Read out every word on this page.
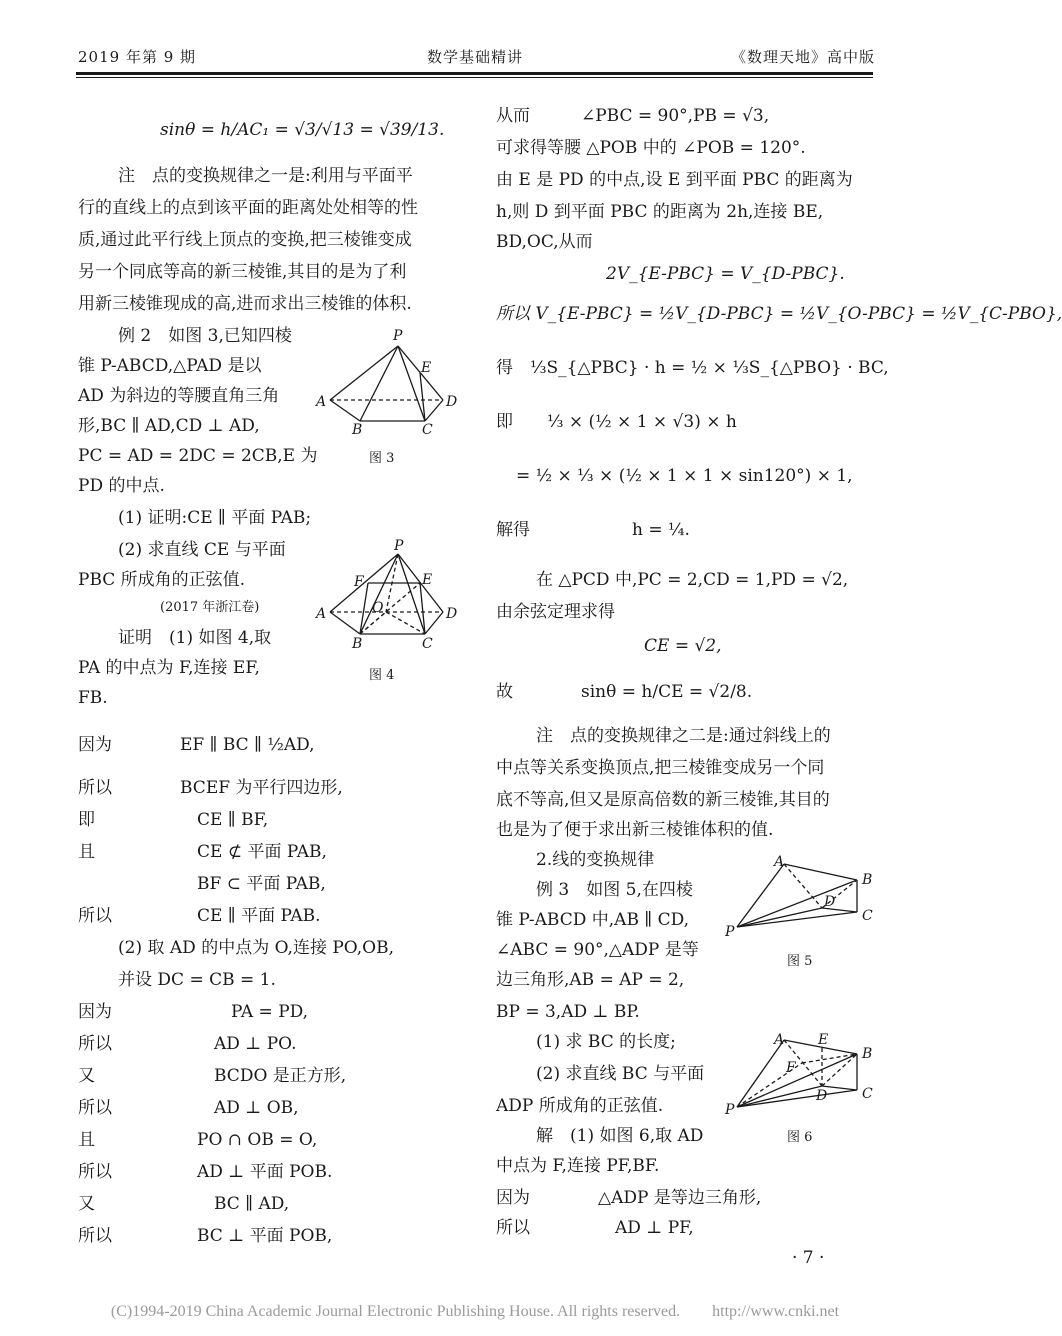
2019 年第 9 期	数学基础精讲	《数理天地》高中版
sinθ = h/AC₁ = √3/√13 = √39/13.
注　点的变换规律之一是:利用与平面平
行的直线上的点到该平面的距离处处相等的性
质,通过此平行线上顶点的变换,把三棱锥变成
另一个同底等高的新三棱锥,其目的是为了利
用新三棱锥现成的高,进而求出三棱锥的体积.
例 2　如图 3,已知四棱
锥 P-ABCD,△PAD 是以
AD 为斜边的等腰直角三角
形,BC ∥ AD,CD ⊥ AD,
PC = AD = 2DC = 2CB,E 为
PD 的中点.
(1) 证明:CE ∥ 平面 PAB;
(2) 求直线 CE 与平面
PBC 所成角的正弦值.
(2017 年浙江卷)
证明　(1) 如图 4,取
PA 的中点为 F,连接 EF,
FB.
因为　　　　EF ∥ BC ∥ ½AD,
所以　　　　BCEF 为平行四边形,
即　　　　　　CE ∥ BF,
且　　　　　　CE ⊄ 平面 PAB,
　　　　　　　BF ⊂ 平面 PAB,
所以　　　　　CE ∥ 平面 PAB.
(2) 取 AD 的中点为 O,连接 PO,OB,
并设 DC = CB = 1.
因为　　　　　　　PA = PD,
所以　　　　　　AD ⊥ PO.
又　　　　　　　BCDO 是正方形,
所以　　　　　　AD ⊥ OB,
且　　　　　　PO ∩ OB = O,
所以　　　　　AD ⊥ 平面 POB.
又　　　　　　　BC ∥ AD,
所以　　　　　BC ⊥ 平面 POB,
P
E
A	D
B	C
图 3
P
F	E
O
A	D
B	C
图 4
从而　　　∠PBC = 90°,PB = √3,
可求得等腰 △POB 中的 ∠POB = 120°.
由 E 是 PD 的中点,设 E 到平面 PBC 的距离为
h,则 D 到平面 PBC 的距离为 2h,连接 BE,
BD,OC,从而
2V_{E-PBC} = V_{D-PBC}.
所以 V_{E-PBC} = ½V_{D-PBC} = ½V_{O-PBC} = ½V_{C-PBO},
得　⅓S_{△PBC} · h = ½ × ⅓S_{△PBO} · BC,
即　　⅓ × (½ × 1 × √3) × h
= ½ × ⅓ × (½ × 1 × 1 × sin120°) × 1,
解得　　　　　　h = ¼.
在 △PCD 中,PC = 2,CD = 1,PD = √2,
由余弦定理求得
CE = √2,
故　　　　sinθ = h/CE = √2/8.
注　点的变换规律之二是:通过斜线上的
中点等关系变换顶点,把三棱锥变成另一个同
底不等高,但又是原高倍数的新三棱锥,其目的
也是为了便于求出新三棱锥体积的值.
2.线的变换规律
例 3　如图 5,在四棱
锥 P-ABCD 中,AB ∥ CD,
∠ABC = 90°,△ADP 是等
边三角形,AB = AP = 2,
BP = 3,AD ⊥ BP.
(1) 求 BC 的长度;
(2) 求直线 BC 与平面
ADP 所成角的正弦值.
解　(1) 如图 6,取 AD
中点为 F,连接 PF,BF.
因为　　　　△ADP 是等边三角形,
所以　　　　　AD ⊥ PF,
A
B
D
C
P
图 5
A E
B
F
D C
P
图 6
· 7 ·
(C)1994-2019 China Academic Journal Electronic Publishing House. All rights reserved.　　http://www.cnki.net
